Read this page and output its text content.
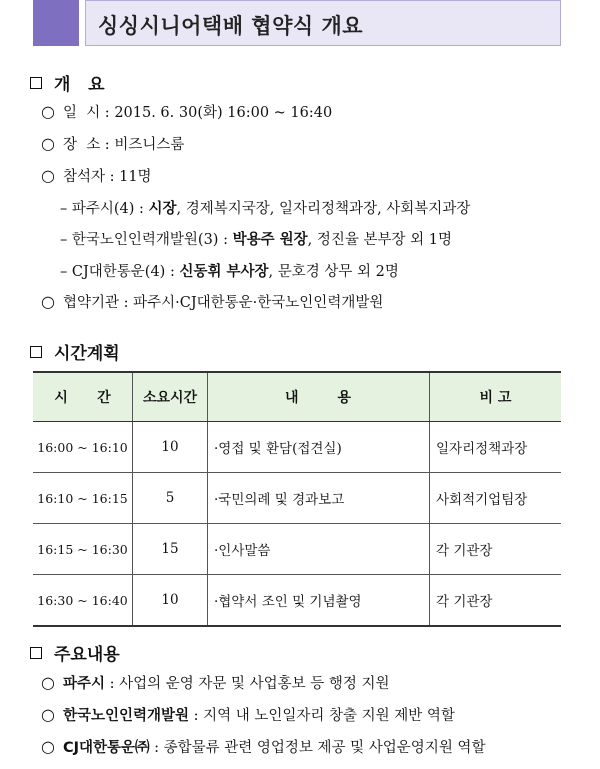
싱싱시니어택배 협약식 개요
개   요
○ 일  시 : 2015. 6. 30(화) 16:00 ~ 16:40
○ 장  소 : 비즈니스룸
○ 참석자 : 11명
– 파주시(4) : 시장, 경제복지국장, 일자리정책과장, 사회복지과장
– 한국노인인력개발원(3) : 박용주 원장, 정진율 본부장 외 1명
– CJ대한통운(4) : 신동휘 부사장, 문호경 상무 외 2명
○ 협약기관 : 파주시·CJ대한통운·한국노인인력개발원
시간계획
시      간	소요시간	내        용	비 고
16:00 ~ 16:10	10	·영접 및 환담(접견실)	일자리정책과장
16:10 ~ 16:15	5	·국민의례 및 경과보고	사회적기업팀장
16:15 ~ 16:30	15	·인사말씀	각 기관장
16:30 ~ 16:40	10	·협약서 조인 및 기념촬영	각 기관장
주요내용
○ 파주시 : 사업의 운영 자문 및 사업홍보 등 행정 지원
○ 한국노인인력개발원 : 지역 내 노인일자리 창출 지원 제반 역할
○ CJ대한통운㈜ : 종합물류 관련 영업정보 제공 및 사업운영지원 역할
